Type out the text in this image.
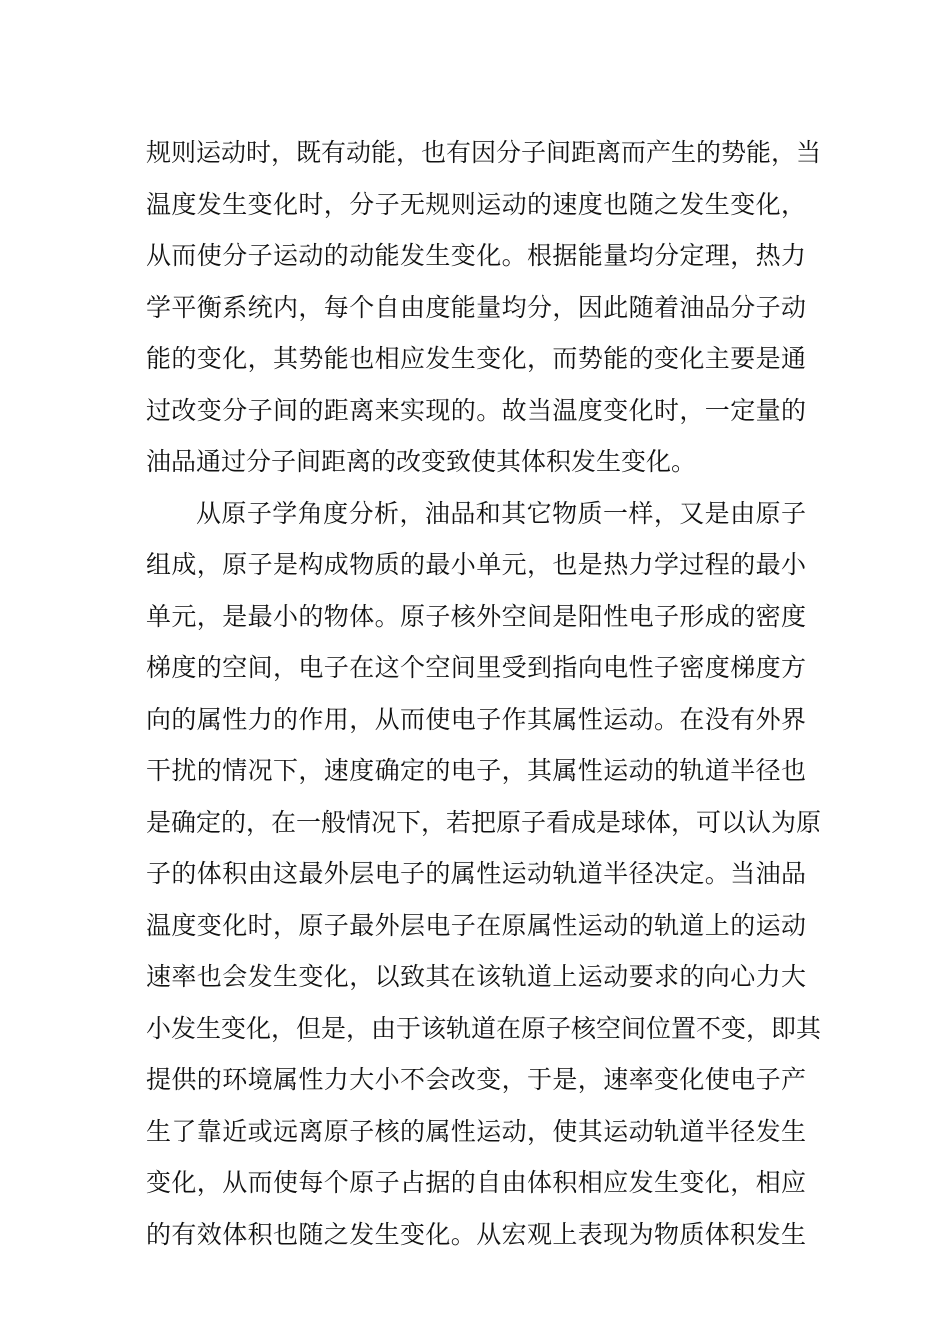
规则运动时，既有动能，也有因分子间距离而产生的势能，当
温度发生变化时，分子无规则运动的速度也随之发生变化，
从而使分子运动的动能发生变化。根据能量均分定理，热力
学平衡系统内，每个自由度能量均分，因此随着油品分子动
能的变化，其势能也相应发生变化，而势能的变化主要是通
过改变分子间的距离来实现的。故当温度变化时，一定量的
油品通过分子间距离的改变致使其体积发生变化。
从原子学角度分析，油品和其它物质一样，又是由原子
组成，原子是构成物质的最小单元，也是热力学过程的最小
单元，是最小的物体。原子核外空间是阳性电子形成的密度
梯度的空间，电子在这个空间里受到指向电性子密度梯度方
向的属性力的作用，从而使电子作其属性运动。在没有外界
干扰的情况下，速度确定的电子，其属性运动的轨道半径也
是确定的，在一般情况下，若把原子看成是球体，可以认为原
子的体积由这最外层电子的属性运动轨道半径决定。当油品
温度变化时，原子最外层电子在原属性运动的轨道上的运动
速率也会发生变化，以致其在该轨道上运动要求的向心力大
小发生变化，但是，由于该轨道在原子核空间位置不变，即其
提供的环境属性力大小不会改变，于是，速率变化使电子产
生了靠近或远离原子核的属性运动，使其运动轨道半径发生
变化，从而使每个原子占据的自由体积相应发生变化，相应
的有效体积也随之发生变化。从宏观上表现为物质体积发生
